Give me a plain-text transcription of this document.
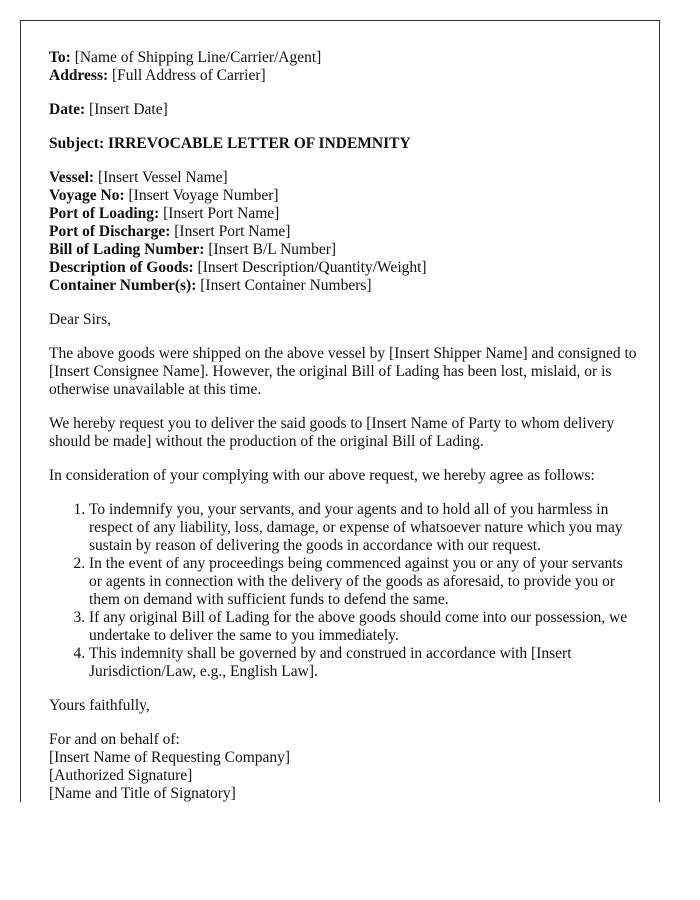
To: [Name of Shipping Line/Carrier/Agent]
Address: [Full Address of Carrier]
Date: [Insert Date]
Subject: IRREVOCABLE LETTER OF INDEMNITY
Vessel: [Insert Vessel Name]
Voyage No: [Insert Voyage Number]
Port of Loading: [Insert Port Name]
Port of Discharge: [Insert Port Name]
Bill of Lading Number: [Insert B/L Number]
Description of Goods: [Insert Description/Quantity/Weight]
Container Number(s): [Insert Container Numbers]

Dear Sirs,

The above goods were shipped on the above vessel by [Insert Shipper Name] and consigned to [Insert Consignee Name]. However, the original Bill of Lading has been lost, mislaid, or is otherwise unavailable at this time.

We hereby request you to deliver the said goods to [Insert Name of Party to whom delivery should be made] without the production of the original Bill of Lading.

In consideration of your complying with our above request, we hereby agree as follows:

1. To indemnify you, your servants, and your agents and to hold all of you harmless in respect of any liability, loss, damage, or expense of whatsoever nature which you may sustain by reason of delivering the goods in accordance with our request.
2. In the event of any proceedings being commenced against you or any of your servants or agents in connection with the delivery of the goods as aforesaid, to provide you or them on demand with sufficient funds to defend the same.
3. If any original Bill of Lading for the above goods should come into our possession, we undertake to deliver the same to you immediately.
4. This indemnity shall be governed by and construed in accordance with [Insert Jurisdiction/Law, e.g., English Law].

Yours faithfully,

For and on behalf of:
[Insert Name of Requesting Company]
[Authorized Signature]
[Name and Title of Signatory]
